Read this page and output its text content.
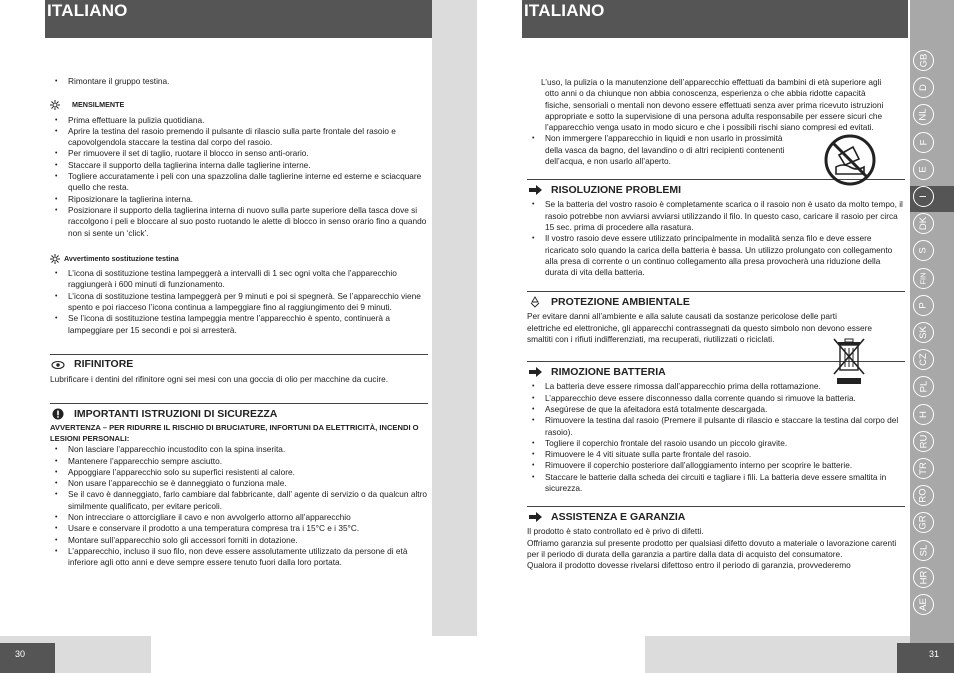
ITALIANO
• Rimontare il gruppo testina.
MENSILMENTE
• Prima effettuare la pulizia quotidiana.
• Aprire la testina del rasoio premendo il pulsante di rilascio sulla parte frontale del rasoio e capovolgendola staccare la testina dal corpo del rasoio.
• Per rimuovere il set di taglio, ruotare il blocco in senso anti-orario.
• Staccare il supporto della taglierina interna dalle taglierine interne.
• Togliere accuratamente i peli con una spazzolina dalle taglierine interne ed esterne e sciacquare quello che resta.
• Riposizionare la taglierina interna.
• Posizionare il supporto della taglierina interna di nuovo sulla parte superiore della tasca dove si raccolgono i peli e bloccare al suo posto ruotando le alette di blocco in senso orario fino a quando non si sente un ‘click’.
Avvertimento sostituzione testina
• L’icona di sostituzione testina lampeggerà a intervalli di 1 sec ogni volta che l’apparecchio raggiungerà i 600 minuti di funzionamento.
• L’icona di sostituzione testina lampeggerà per 9 minuti e poi si spegnerà. Se l’apparecchio viene spento e poi riacceso l’icona continua a lampeggiare fino al raggiungimento dei 9 minuti.
• Se l’icona di sostituzione testina lampeggia mentre l’apparecchio è spento, continuerà a lampeggiare per 15 secondi e poi si arresterà.
RIFINITORE
Lubrificare i dentini del rifinitore ogni sei mesi con una goccia di olio per macchine da cucire.
IMPORTANTI ISTRUZIONI DI SICUREZZA
AVVERTENZA – PER RIDURRE IL RISCHIO DI BRUCIATURE, INFORTUNI DA ELETTRICITÀ, INCENDI O LESIONI PERSONALI:
• Non lasciare l’apparecchio incustodito con la spina inserita.
• Mantenere l’apparecchio sempre asciutto.
• Appoggiare l’apparecchio solo su superfici resistenti al calore.
• Non usare l’apparecchio se è danneggiato o funziona male.
• Se il cavo è danneggiato, farlo cambiare dal fabbricante, dall’ agente di servizio o da qualcun altro similmente qualificato, per evitare pericoli.
• Non intrecciare o attorcigliare il cavo e non avvolgerlo attorno all’apparecchio
• Usare e conservare il prodotto a una temperatura compresa tra i 15°C e i 35°C.
• Montare sull’apparecchio solo gli accessori forniti in dotazione.
• L’apparecchio, incluso il suo filo, non deve essere assolutamente utilizzato da persone di età inferiore agli otto anni e deve sempre essere tenuto fuori dalla loro portata.
30
ITALIANO
L’uso, la pulizia o la manutenzione dell’apparecchio effettuati da bambini di età superiore agli otto anni o da chiunque non abbia conoscenza, esperienza o che abbia ridotte capacità fisiche, sensoriali o mentali non devono essere effettuati senza aver prima ricevuto istruzioni appropriate e sotto la supervisione di una persona adulta responsabile per essere sicuri che l’apparecchio venga usato in modo sicuro e che i possibili rischi siano compresi ed evitati.
• Non immergere l’apparecchio in liquidi e non usarlo in prossimità della vasca da bagno, del lavandino o di altri recipienti contenenti dell’acqua, e non usarlo all’aperto.
RISOLUZIONE PROBLEMI
• Se la batteria del vostro rasoio è completamente scarica o il rasoio non è usato da molto tempo, il rasoio potrebbe non avviarsi avviarsi utilizzando il filo. In questo caso, caricare il rasoio per circa 15 sec. prima di procedere alla rasatura.
• Il vostro rasoio deve essere utilizzato principalmente in modalità senza filo e deve essere ricaricato solo quando la carica della batteria è bassa. Un utilizzo prolungato con collegamento alla presa di corrente o un continuo collegamento alla presa provocherà una riduzione della durata di vita della batteria.
PROTEZIONE AMBIENTALE
Per evitare danni all’ambiente e alla salute causati da sostanze pericolose delle parti elettriche ed elettroniche, gli apparecchi contrassegnati da questo simbolo non devono essere smaltiti con i rifiuti indifferenziati, ma recuperati, riutilizzati o riciclati.
RIMOZIONE BATTERIA
• La batteria deve essere rimossa dall’apparecchio prima della rottamazione.
• L’apparecchio deve essere disconnesso dalla corrente quando si rimuove la batteria.
• Asegúrese de que la afeitadora está totalmente descargada.
• Rimuovere la testina dal rasoio (Premere il pulsante di rilascio e staccare la testina dal corpo del rasoio).
• Togliere il coperchio frontale del rasoio usando un piccolo giravite.
• Rimuovere le 4 viti situate sulla parte frontale del rasoio.
• Rimuovere il coperchio posteriore dall’alloggiamento interno per scoprire le batterie.
• Staccare le batterie dalla scheda dei circuiti e tagliare i fili. La batteria deve essere smaltita in sicurezza.
ASSISTENZA E GARANZIA
Il prodotto è stato controllato ed è privo di difetti.
Offriamo garanzia sul presente prodotto per qualsiasi difetto dovuto a materiale o lavorazione carenti per il periodo di durata della garanzia a partire dalla data di acquisto del consumatore.
Qualora il prodotto dovesse rivelarsi difettoso entro il periodo di garanzia, provvederemo
31
GB
D
NL
F
E
I
DK
S
FIN
P
SK
CZ
PL
H
RU
TR
RO
GR
SL
HR
AE
